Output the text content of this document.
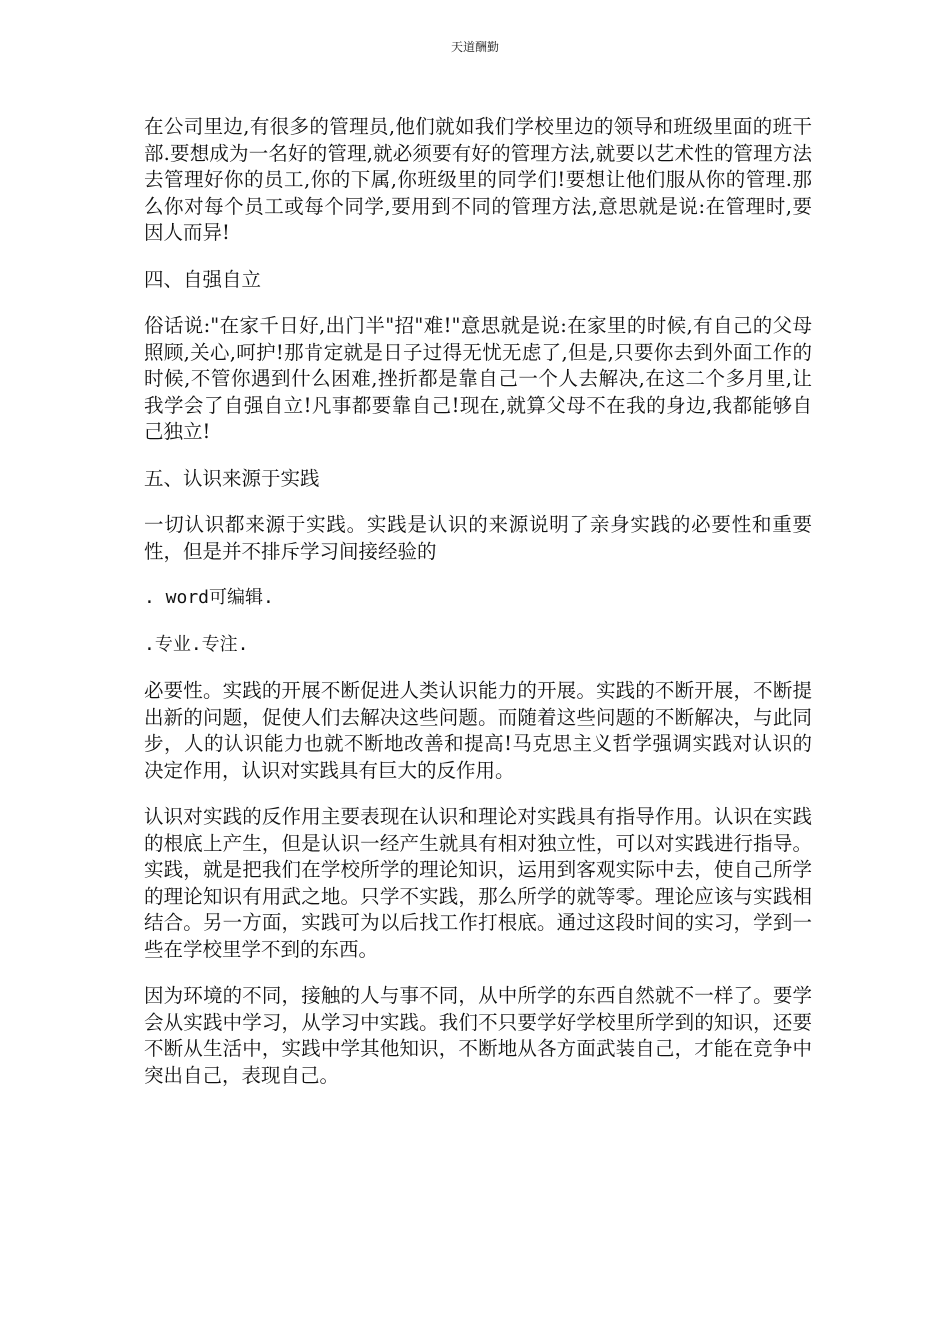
天道酬勤

在公司里边,有很多的管理员,他们就如我们学校里边的领导和班级里面的班干部.要想成为一名好的管理,就必须要有好的管理方法,就要以艺术性的管理方法去管理好你的员工,你的下属,你班级里的同学们!要想让他们服从你的管理.那么你对每个员工或每个同学,要用到不同的管理方法,意思就是说:在管理时,要因人而异!

四、自强自立

俗话说:"在家千日好,出门半"招"难!"意思就是说:在家里的时候,有自己的父母照顾,关心,呵护!那肯定就是日子过得无忧无虑了,但是,只要你去到外面工作的时候,不管你遇到什么困难,挫折都是靠自己一个人去解决,在这二个多月里,让我学会了自强自立!凡事都要靠自己!现在,就算父母不在我的身边,我都能够自己独立!

五、认识来源于实践

一切认识都来源于实践。实践是认识的来源说明了亲身实践的必要性和重要性，但是并不排斥学习间接经验的

. word可编辑.

.专业.专注.

必要性。实践的开展不断促进人类认识能力的开展。实践的不断开展，不断提出新的问题，促使人们去解决这些问题。而随着这些问题的不断解决，与此同步，人的认识能力也就不断地改善和提高!马克思主义哲学强调实践对认识的决定作用，认识对实践具有巨大的反作用。

认识对实践的反作用主要表现在认识和理论对实践具有指导作用。认识在实践的根底上产生，但是认识一经产生就具有相对独立性，可以对实践进行指导。实践，就是把我们在学校所学的理论知识，运用到客观实际中去，使自己所学的理论知识有用武之地。只学不实践，那么所学的就等零。理论应该与实践相结合。另一方面，实践可为以后找工作打根底。通过这段时间的实习，学到一些在学校里学不到的东西。

因为环境的不同，接触的人与事不同，从中所学的东西自然就不一样了。要学会从实践中学习，从学习中实践。我们不只要学好学校里所学到的知识，还要不断从生活中，实践中学其他知识，不断地从各方面武装自己，才能在竞争中突出自己，表现自己。
